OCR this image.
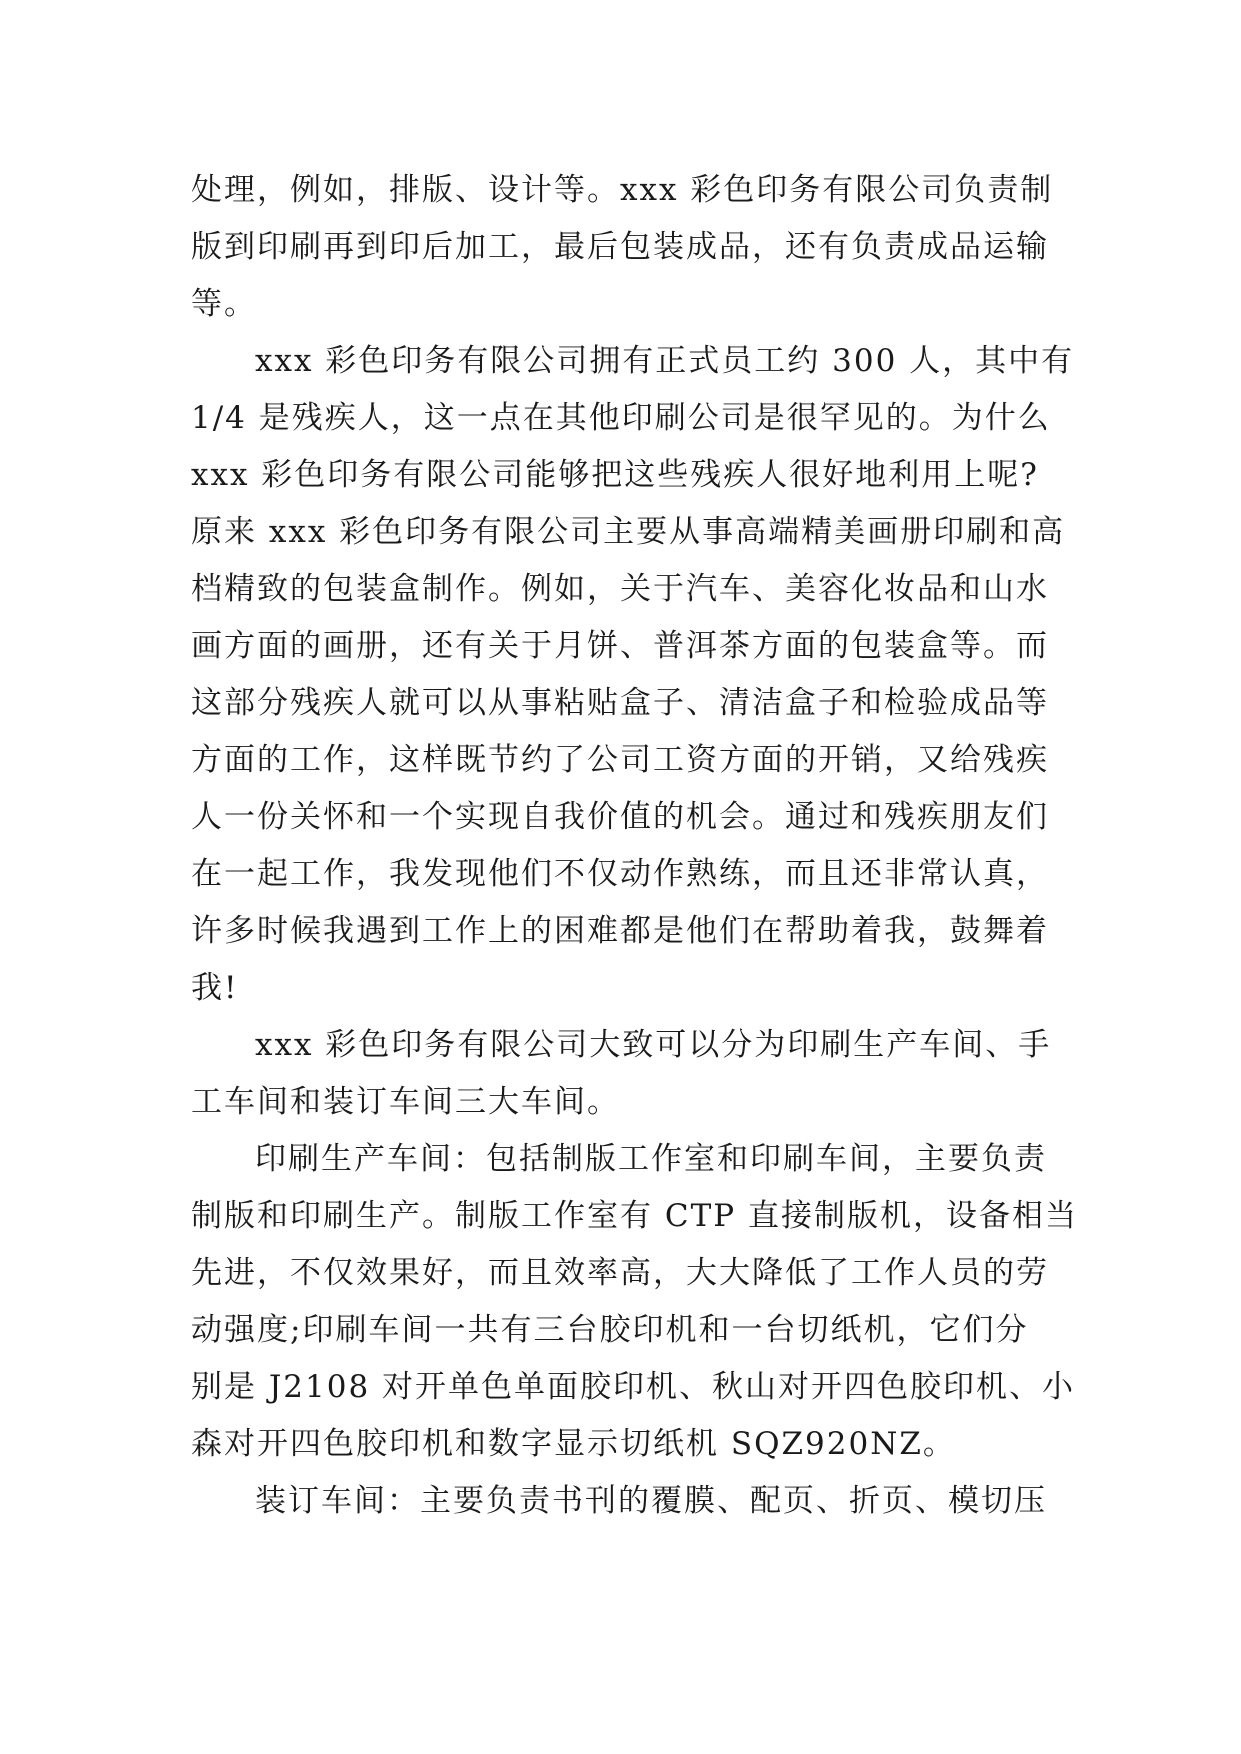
处理，例如，排版、设计等。xxx 彩色印务有限公司负责制
版到印刷再到印后加工，最后包装成品，还有负责成品运输
等。
xxx 彩色印务有限公司拥有正式员工约 300 人，其中有
1/4 是残疾人，这一点在其他印刷公司是很罕见的。为什么
xxx 彩色印务有限公司能够把这些残疾人很好地利用上呢?
原来 xxx 彩色印务有限公司主要从事高端精美画册印刷和高
档精致的包装盒制作。例如，关于汽车、美容化妆品和山水
画方面的画册，还有关于月饼、普洱茶方面的包装盒等。而
这部分残疾人就可以从事粘贴盒子、清洁盒子和检验成品等
方面的工作，这样既节约了公司工资方面的开销，又给残疾
人一份关怀和一个实现自我价值的机会。通过和残疾朋友们
在一起工作，我发现他们不仅动作熟练，而且还非常认真，
许多时候我遇到工作上的困难都是他们在帮助着我，鼓舞着
我!
xxx 彩色印务有限公司大致可以分为印刷生产车间、手
工车间和装订车间三大车间。
印刷生产车间：包括制版工作室和印刷车间，主要负责
制版和印刷生产。制版工作室有 CTP 直接制版机，设备相当
先进，不仅效果好，而且效率高，大大降低了工作人员的劳
动强度;印刷车间一共有三台胶印机和一台切纸机，它们分
别是 J2108 对开单色单面胶印机、秋山对开四色胶印机、小
森对开四色胶印机和数字显示切纸机 SQZ920NZ。
装订车间：主要负责书刊的覆膜、配页、折页、模切压
